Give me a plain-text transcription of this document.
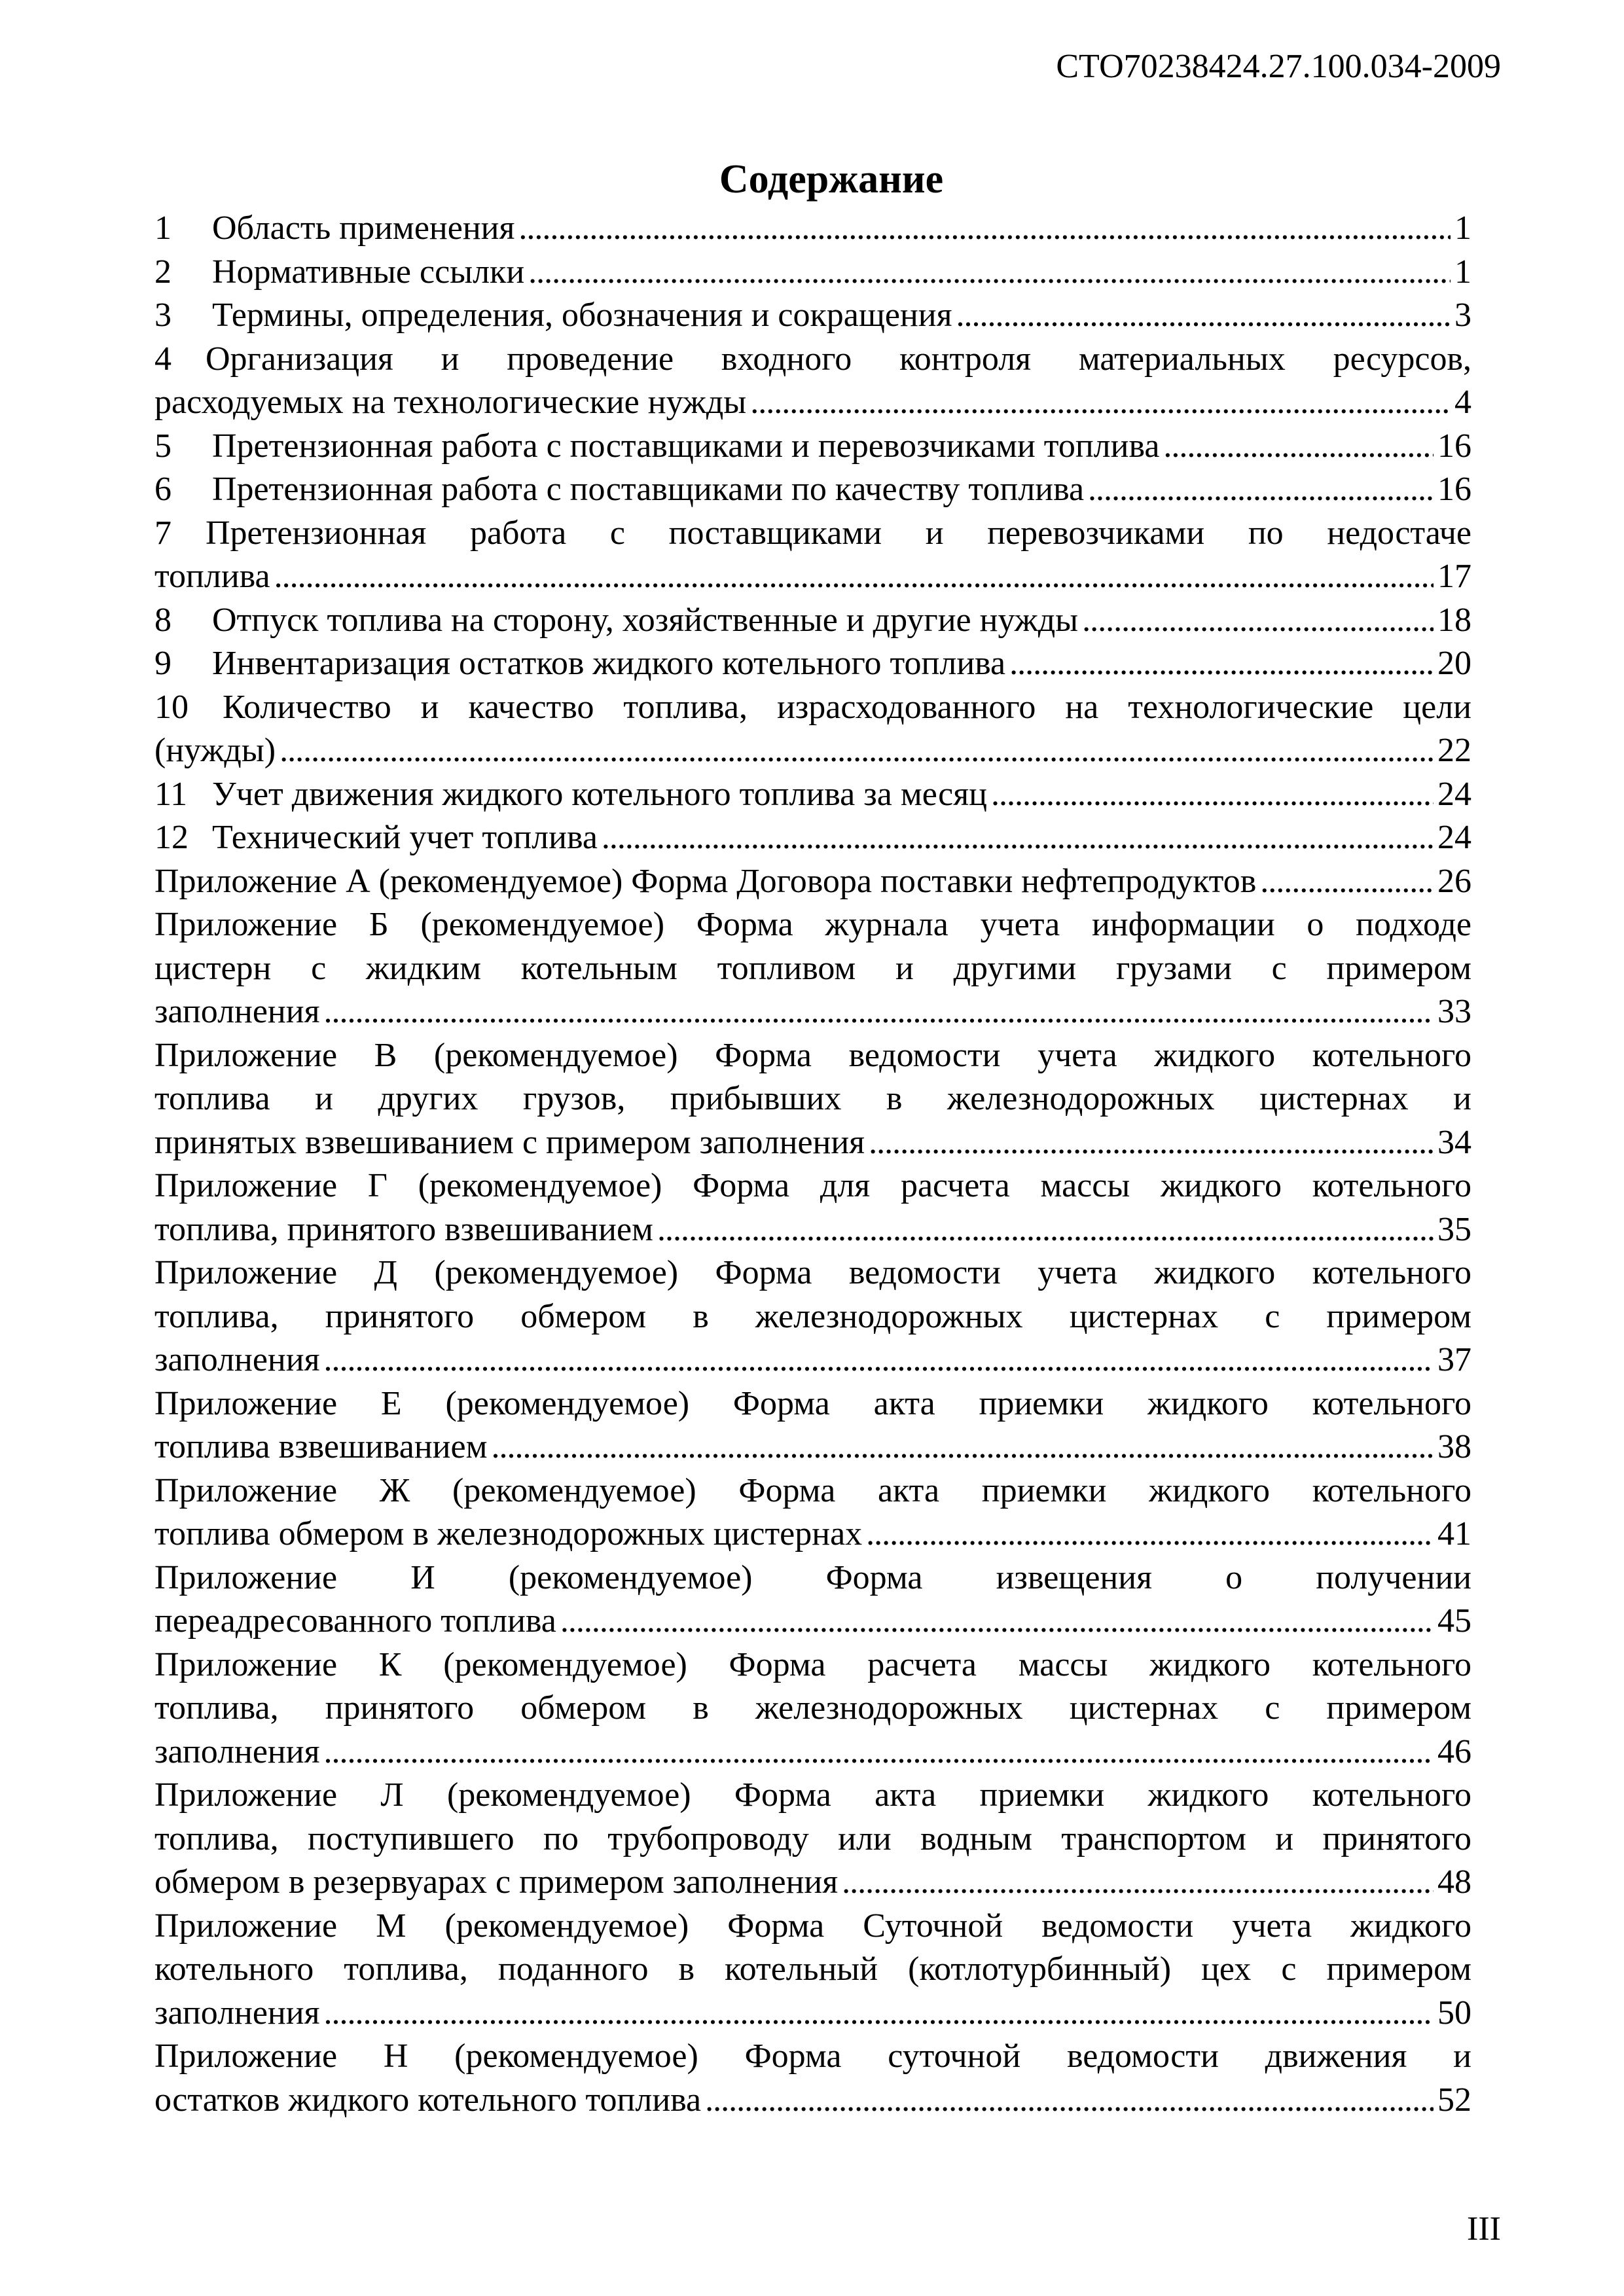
СТО70238424.27.100.034-2009

Содержание
1	Область применения . . .	1
2	Нормативные ссылки . . .	1
3	Термины, определения, обозначения и сокращения . . .	3
4    Организация и проведение входного контроля материальных ресурсов,
расходуемых на технологические нужды . . .	4
5	Претензионная работа с поставщиками и перевозчиками топлива . . .	16
6	Претензионная работа с поставщиками по качеству топлива . . .	16
7    Претензионная работа с поставщиками и перевозчиками по недостаче
топлива . . .	17
8	Отпуск топлива на сторону, хозяйственные и другие нужды . . .	18
9	Инвентаризация остатков жидкого котельного топлива . . .	20
10    Количество и качество топлива, израсходованного на технологические цели
(нужды) . . .	22
11 Учет движения жидкого котельного топлива за месяц . . .	24
12 Технический учет топлива . . .	24
Приложение А (рекомендуемое) Форма Договора поставки нефтепродуктов . . .	26
Приложение Б (рекомендуемое) Форма журнала учета информации о подходе
цистерн с жидким котельным топливом и другими грузами с примером
заполнения . . .	33
Приложение В (рекомендуемое) Форма ведомости учета жидкого котельного
топлива и других грузов, прибывших в железнодорожных цистернах и
принятых взвешиванием с примером заполнения . . .	34
Приложение Г (рекомендуемое) Форма для расчета массы жидкого котельного
топлива, принятого взвешиванием . . .	35
Приложение Д (рекомендуемое) Форма ведомости учета жидкого котельного
топлива, принятого обмером в железнодорожных цистернах с примером
заполнения . . .	37
Приложение Е (рекомендуемое) Форма акта приемки жидкого котельного
топлива взвешиванием . . .	38
Приложение Ж (рекомендуемое) Форма акта приемки жидкого котельного
топлива обмером в железнодорожных цистернах . . .	41
Приложение И (рекомендуемое) Форма извещения о получении
переадресованного топлива . . .	45
Приложение К (рекомендуемое) Форма расчета массы жидкого котельного
топлива, принятого обмером в железнодорожных цистернах с примером
заполнения . . .	46
Приложение Л (рекомендуемое) Форма акта приемки жидкого котельного
топлива, поступившего по трубопроводу или водным транспортом и принятого
обмером в резервуарах с примером заполнения . . .	48
Приложение М (рекомендуемое) Форма Суточной ведомости учета жидкого
котельного топлива, поданного в котельный (котлотурбинный) цех с примером
заполнения . . .	50
Приложение Н (рекомендуемое) Форма суточной ведомости движения и
остатков жидкого котельного топлива . . .	52

III
